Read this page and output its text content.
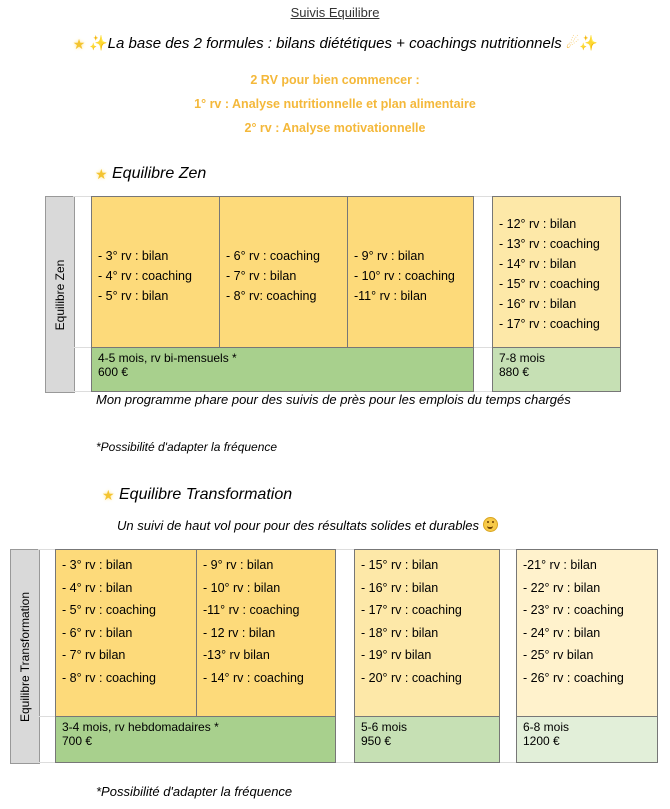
Suivis Equilibre
★ ✨La base des 2 formules : bilans diététiques + coachings nutritionnels ☄✨
2 RV pour bien commencer :
1° rv : Analyse nutritionnelle et plan alimentaire
2° rv : Analyse motivationnelle
★ Equilibre Zen
Equilibre Zen
- 3° rv : bilan
- 4° rv : coaching
- 5° rv : bilan
- 6° rv : coaching
- 7° rv : bilan
- 8° rv: coaching
- 9° rv : bilan
- 10° rv : coaching
-11° rv : bilan
- 12° rv : bilan
- 13° rv : coaching
- 14° rv : bilan
- 15° rv : coaching
- 16° rv : bilan
- 17° rv : coaching
4-5 mois, rv bi-mensuels *
600 €
7-8 mois
880 €
Mon programme phare pour des suivis de près pour les emplois du temps chargés
*Possibilité d'adapter la fréquence
★ Equilibre Transformation
Un suivi de haut vol pour pour des résultats solides et durables
Equilibre Transformation
- 3° rv : bilan
- 4° rv : bilan
- 5° rv : coaching
- 6° rv : bilan
- 7° rv bilan
- 8° rv : coaching
- 9° rv : bilan
- 10° rv : bilan
-11° rv : coaching
- 12 rv : bilan
-13° rv bilan
- 14° rv : coaching
- 15° rv : bilan
- 16° rv : bilan
- 17° rv : coaching
- 18° rv : bilan
- 19° rv bilan
- 20° rv : coaching
-21° rv : bilan
- 22° rv : bilan
- 23° rv : coaching
- 24° rv : bilan
- 25° rv bilan
- 26° rv : coaching
3-4 mois, rv hebdomadaires *
700 €
5-6 mois
950 €
6-8 mois
1200 €
*Possibilité d'adapter la fréquence
